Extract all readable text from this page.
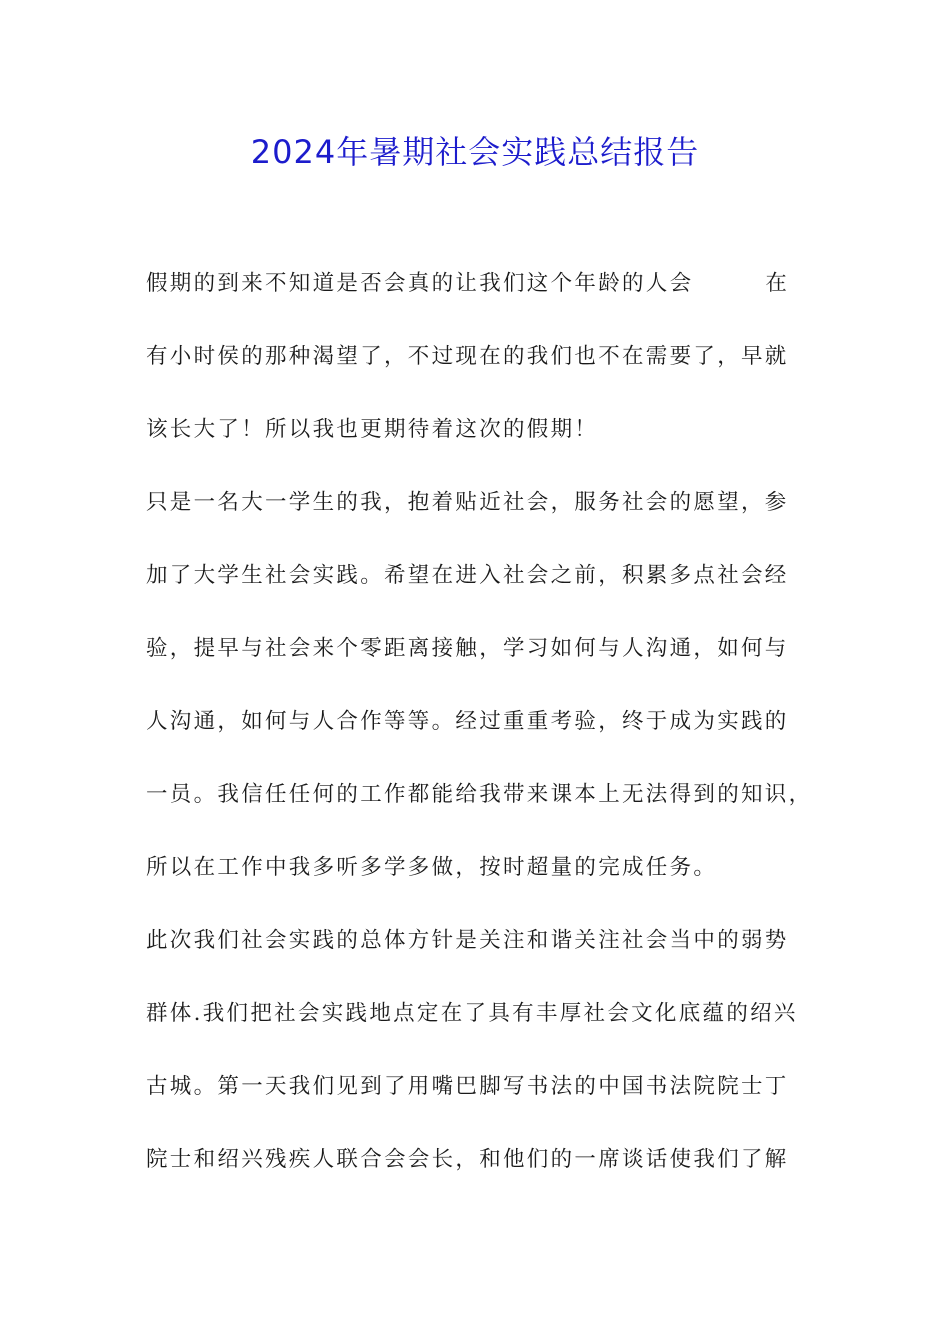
2024年暑期社会实践总结报告
假期的到来不知道是否会真的让我们这个年龄的人会	在
有小时侯的那种渴望了，不过现在的我们也不在需要了，早就
该长大了！所以我也更期待着这次的假期！
只是一名大一学生的我，抱着贴近社会，服务社会的愿望，参
加了大学生社会实践。希望在进入社会之前，积累多点社会经
验，提早与社会来个零距离接触，学习如何与人沟通，如何与
人沟通，如何与人合作等等。经过重重考验，终于成为实践的
一员。我信任任何的工作都能给我带来课本上无法得到的知识，
所以在工作中我多听多学多做，按时超量的完成任务。
此次我们社会实践的总体方针是关注和谐关注社会当中的弱势
群体.我们把社会实践地点定在了具有丰厚社会文化底蕴的绍兴
古城。第一天我们见到了用嘴巴脚写书法的中国书法院院士丁
院士和绍兴残疾人联合会会长，和他们的一席谈话使我们了解
